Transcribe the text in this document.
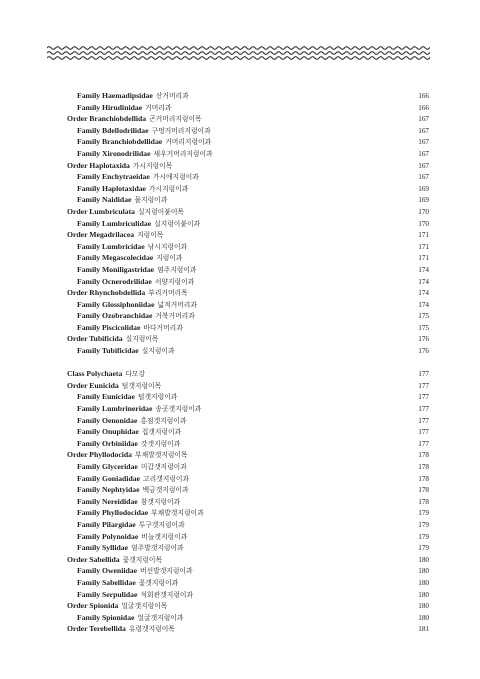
Family Haemadipsidae 산거머리과	166
Family Hirudinidae 거머리과	166
Order Branchiobdellida 곤거머리지렁이목	167
Family Bdellodrilidae 구멍거머리지렁이과	167
Family Branchiobdellidae 거머리지렁이과	167
Family Xironodrilidae 새우거머리지렁이과	167
Order Haplotaxida 가시지렁이목	167
Family Enchytraeidae 가시애지렁이과	167
Family Haplotaxidae 가시지렁이과	169
Family Naididae 물지렁이과	169
Order Lumbriculata 실지렁이붙이목	170
Family Lumbriculidae 실지렁이붙이과	170
Order Megadrilacea 지렁이목	171
Family Lumbricidae 낚시지렁이과	171
Family Megascolecidae 지렁이과	171
Family Moniligastridae 염주지렁이과	174
Family Ocnerodrilidae 서양지렁이과	174
Order Rhynchobdellida 부리거머리목	174
Family Glossiphoniidae 넓적거머리과	174
Family Ozobranchidae 거북거머리과	175
Family Piscicolidae 바다거머리과	175
Order Tubificida 실지렁이목	176
Family Tubificidae 실지렁이과	176
Class Polychaeta 다모강	177
Order Eunicida 털갯지렁이목	177
Family Eunicidae 털갯지렁이과	177
Family Lumbrineridae 송곳갯지렁이과	177
Family Oenonidae 홍점갯지렁이과	177
Family Onuphidae 집갯지렁이과	177
Family Orbiniidae 갓갯지렁이과	177
Order Phyllodocida 부채발갯지렁이목	178
Family Glyceridae 미갑갯지렁이과	178
Family Goniadidae 고리갯지렁이과	178
Family Nephtyidae 백금갯지렁이과	178
Family Nereididae 참갯지렁이과	178
Family Phyllodocidae 부채발갯지렁이과	179
Family Pilargidae 투구갯지렁이과	179
Family Polynoidae 비늘갯지렁이과	179
Family Syllidae 염주발갯지렁이과	179
Order Sabellida 꽃갯지렁이목	180
Family Oweniidae 버선발갯지렁이과	180
Family Sabellidae 꽃갯지렁이과	180
Family Serpulidae 석회관갯지렁이과	180
Order Spionida 얼굴갯지렁이목	180
Family Spionidae 얼굴갯지렁이과	180
Order Terebellida 유령갯지렁이목	181
